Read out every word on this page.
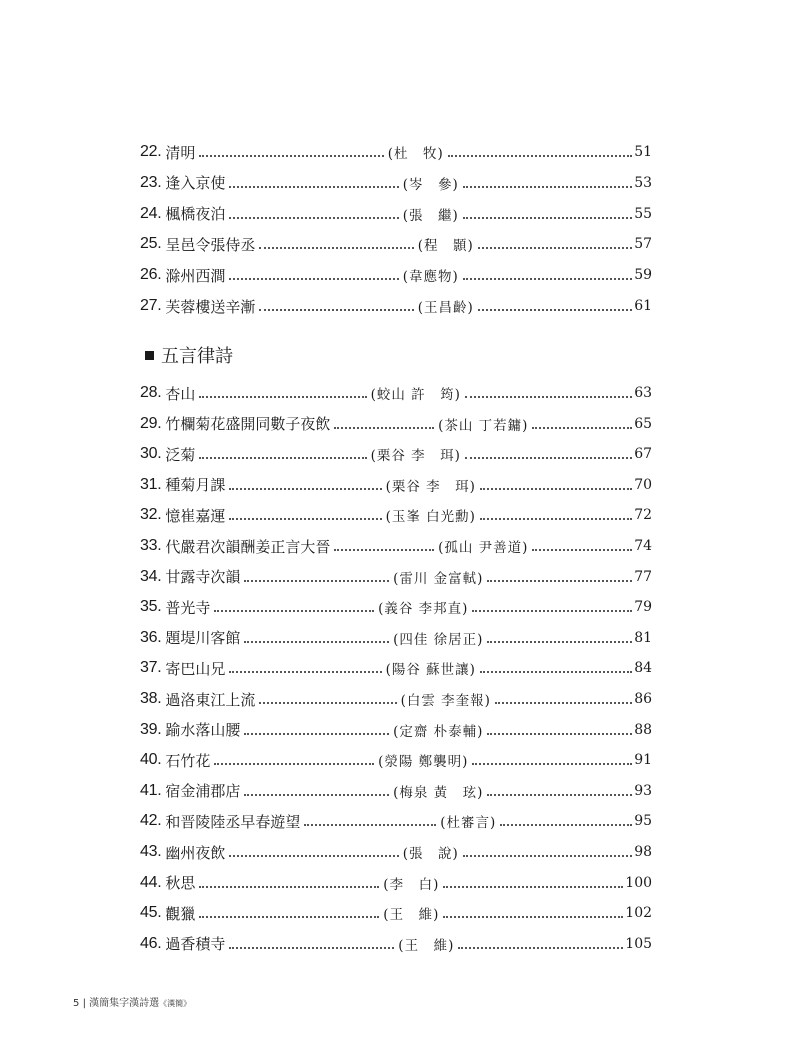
22. 清明	(杜　牧)	51
23. 逢入京使	(岑　參)	53
24. 楓橋夜泊	(張　繼)	55
25. 呈邑令張侍丞	(程　顥)	57
26. 滁州西澗	(韋應物)	59
27. 芙蓉樓送辛漸	(王昌齡)	61
28. 杏山	(蛟山 許　筠)	63
29. 竹欄菊花盛開同數子夜飲	(茶山 丁若鏞)	65
30. 泛菊	(栗谷 李　珥)	67
31. 種菊月課	(栗谷 李　珥)	70
32. 憶崔嘉運	(玉峯 白光勳)	72
33. 代嚴君次韻酬姜正言大晉	(孤山 尹善道)	74
34. 甘露寺次韻	(雷川 金富軾)	77
35. 普光寺	(義谷 李邦直)	79
36. 題堤川客館	(四佳 徐居正)	81
37. 寄巴山兄	(陽谷 蘇世讓)	84
38. 過洛東江上流	(白雲 李奎報)	86
39. 踰水落山腰	(定齋 朴泰輔)	88
40. 石竹花	(滎陽 鄭襲明)	91
41. 宿金浦郡店	(梅泉 黃　玹)	93
42. 和晋陵陸丞早春遊望	(杜審言)	95
43. 幽州夜飲	(張　說)	98
44. 秋思	(李　白)	100
45. 觀獵	(王　維)	102
46. 過香積寺	(王　維)	105
五言律詩
5 | 漢簡集字漢詩選《漢簡》
